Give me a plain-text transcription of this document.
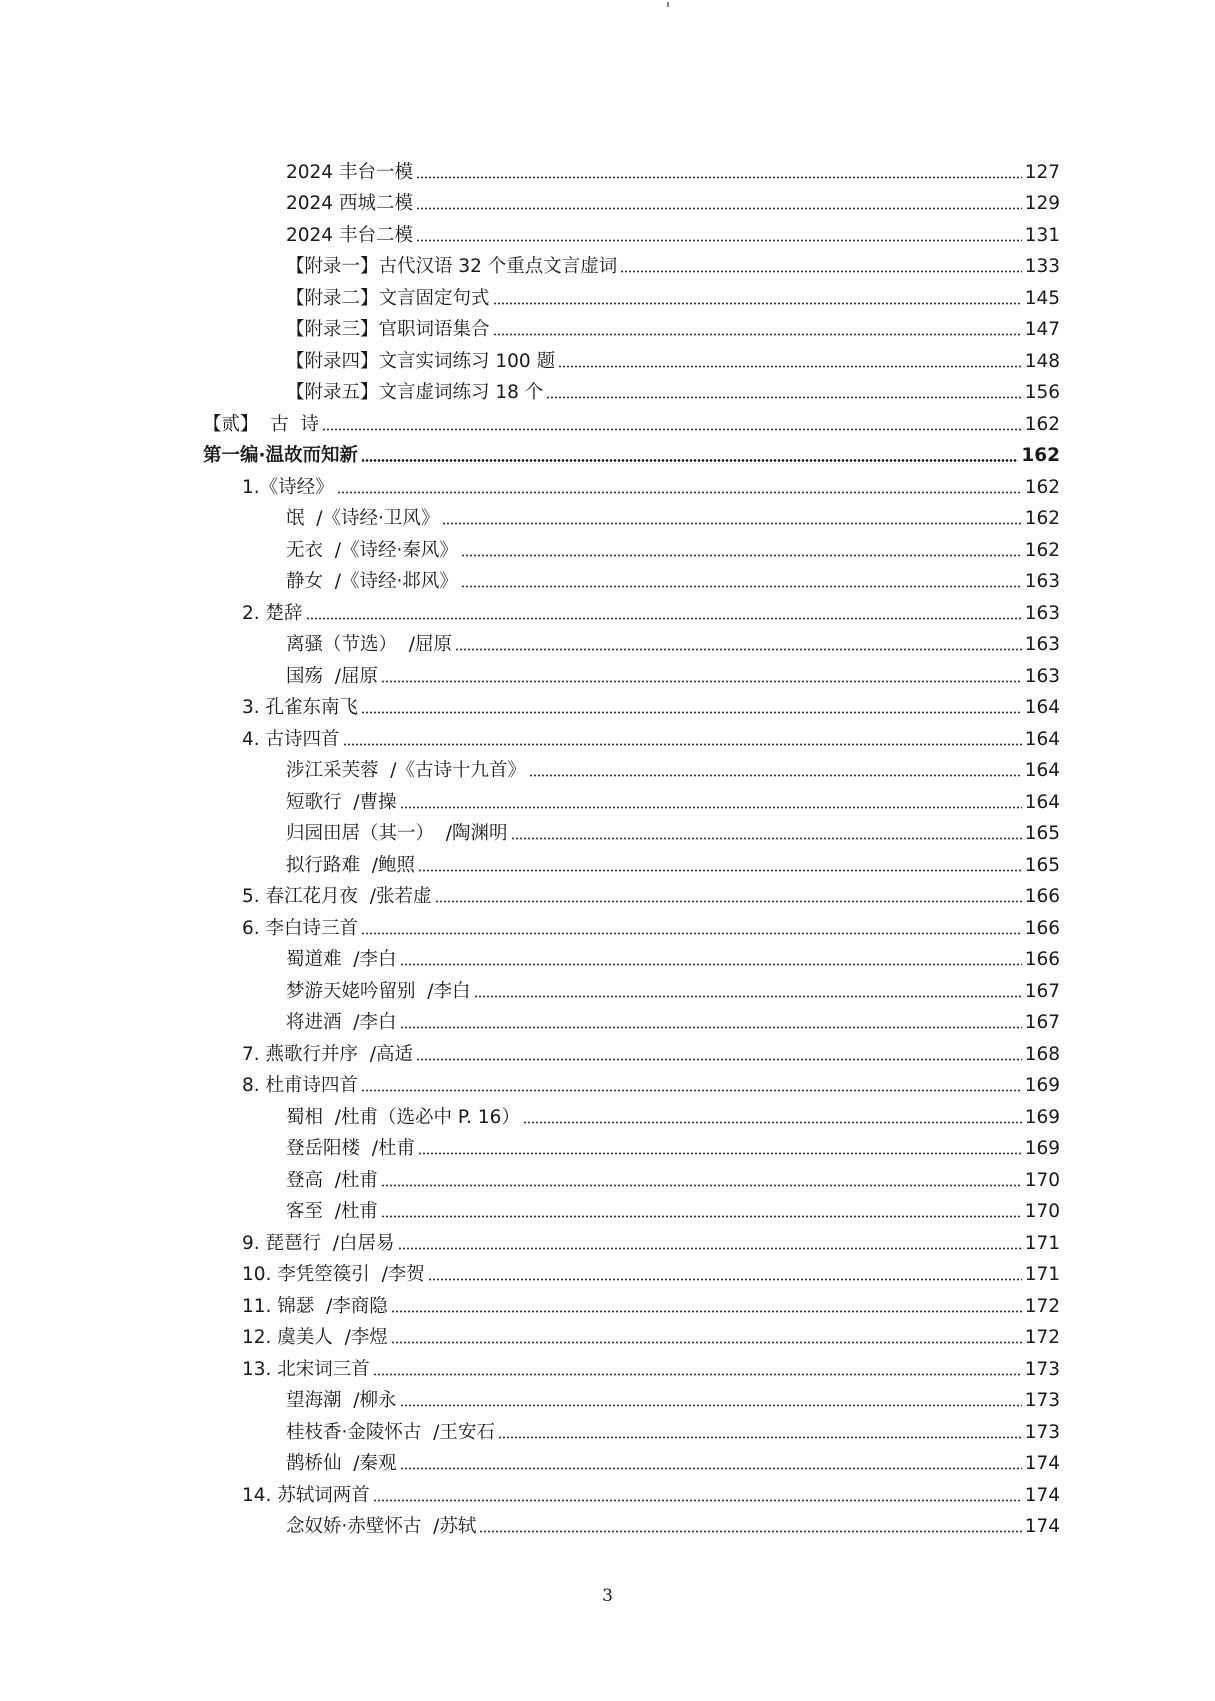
2024 丰台一模	127
2024 西城二模	129
2024 丰台二模	131
【附录一】古代汉语 32 个重点文言虚词	133
【附录二】文言固定句式	145
【附录三】官职词语集合	147
【附录四】文言实词练习 100 题	148
【附录五】文言虚词练习 18 个	156
【贰】  古  诗	162
第一编·温故而知新	162
1.《诗经》	162
氓  /《诗经·卫风》	162
无衣  /《诗经·秦风》	162
静女  /《诗经·邶风》	163
2. 楚辞	163
离骚（节选）  /屈原	163
国殇  /屈原	163
3. 孔雀东南飞	164
4. 古诗四首	164
涉江采芙蓉  /《古诗十九首》	164
短歌行  /曹操	164
归园田居（其一）  /陶渊明	165
拟行路难  /鲍照	165
5. 春江花月夜  /张若虚	166
6. 李白诗三首	166
蜀道难  /李白	166
梦游天姥吟留别  /李白	167
将进酒  /李白	167
7. 燕歌行并序  /高适	168
8. 杜甫诗四首	169
蜀相  /杜甫（选必中 P. 16）	169
登岳阳楼  /杜甫	169
登高  /杜甫	170
客至  /杜甫	170
9. 琵琶行  /白居易	171
10. 李凭箜篌引  /李贺	171
11. 锦瑟  /李商隐	172
12. 虞美人  /李煜	172
13. 北宋词三首	173
望海潮  /柳永	173
桂枝香·金陵怀古  /王安石	173
鹊桥仙  /秦观	174
14. 苏轼词两首	174
念奴娇·赤壁怀古  /苏轼	174
3
